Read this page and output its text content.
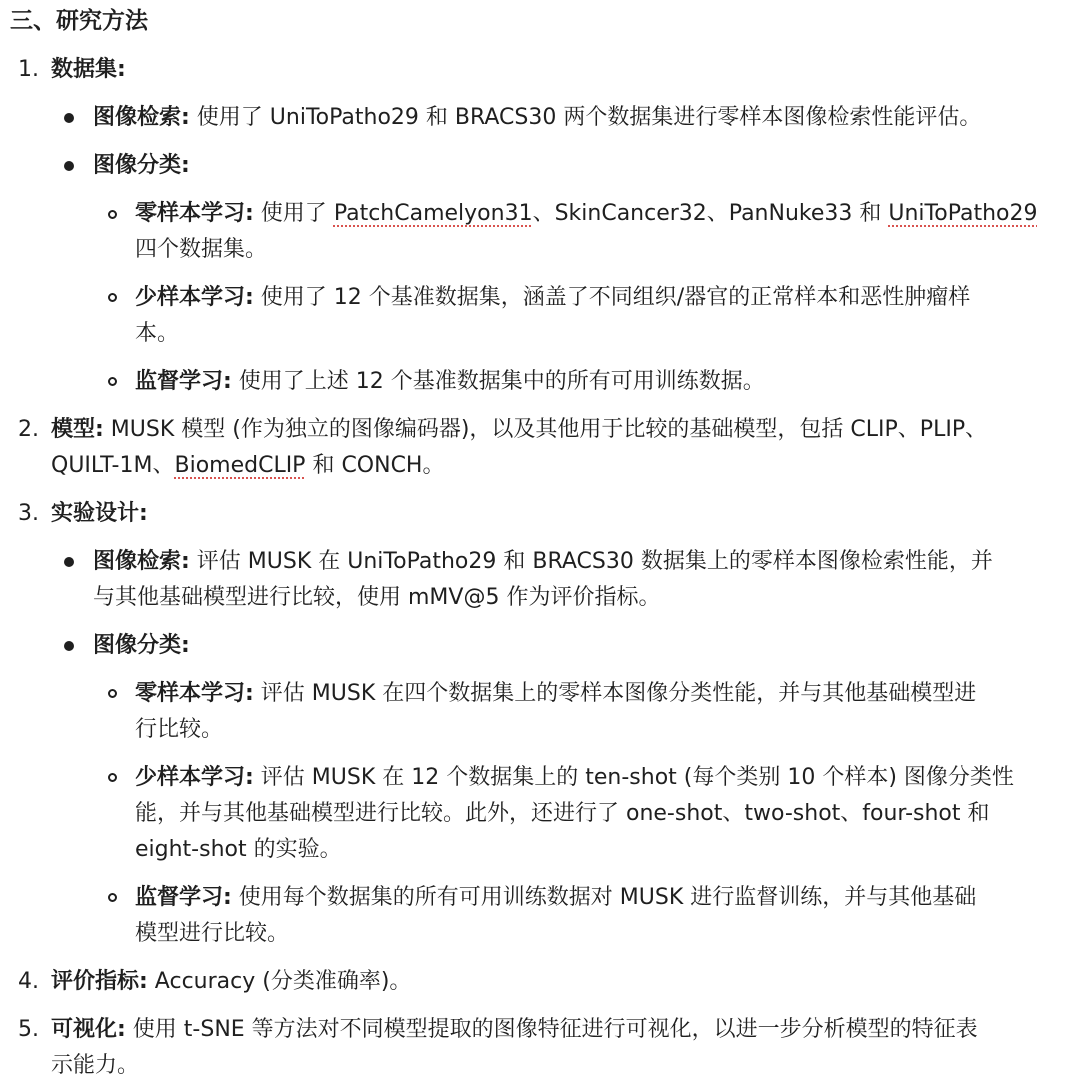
三、研究方法
1. 数据集:
图像检索: 使用了 UniToPatho29 和 BRACS30 两个数据集进行零样本图像检索性能评估。
图像分类:
零样本学习: 使用了 PatchCamelyon31、SkinCancer32、PanNuke33 和 UniToPatho29
四个数据集。
少样本学习: 使用了 12 个基准数据集，涵盖了不同组织/器官的正常样本和恶性肿瘤样
本。
监督学习: 使用了上述 12 个基准数据集中的所有可用训练数据。
2. 模型: MUSK 模型 (作为独立的图像编码器)，以及其他用于比较的基础模型，包括 CLIP、PLIP、
QUILT-1M、BiomedCLIP 和 CONCH。
3. 实验设计:
图像检索: 评估 MUSK 在 UniToPatho29 和 BRACS30 数据集上的零样本图像检索性能，并
与其他基础模型进行比较，使用 mMV@5 作为评价指标。
图像分类:
零样本学习: 评估 MUSK 在四个数据集上的零样本图像分类性能，并与其他基础模型进
行比较。
少样本学习: 评估 MUSK 在 12 个数据集上的 ten-shot (每个类别 10 个样本) 图像分类性
能，并与其他基础模型进行比较。此外，还进行了 one-shot、two-shot、four-shot 和
eight-shot 的实验。
监督学习: 使用每个数据集的所有可用训练数据对 MUSK 进行监督训练，并与其他基础
模型进行比较。
4. 评价指标: Accuracy (分类准确率)。
5. 可视化: 使用 t-SNE 等方法对不同模型提取的图像特征进行可视化，以进一步分析模型的特征表
示能力。
